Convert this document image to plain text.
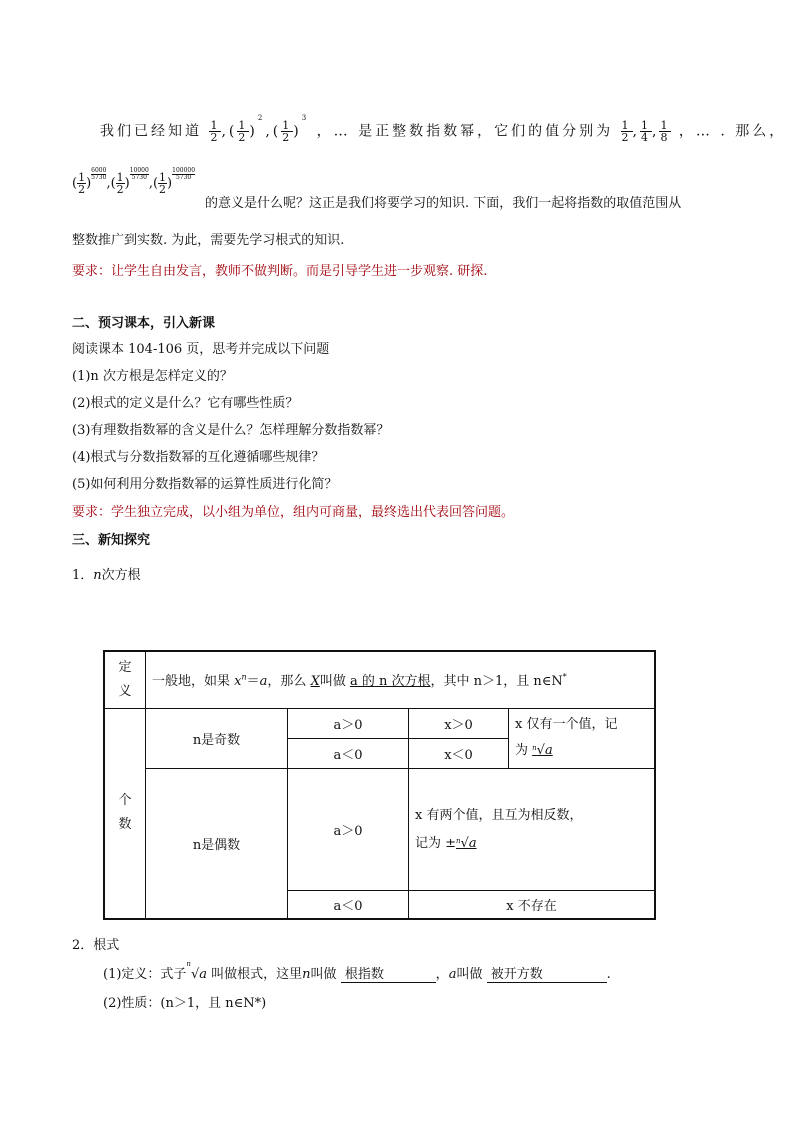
我们已经知道 $\frac{1}{2}$ ,( $\frac{1}{2} )^2,( \frac{1}{2} )^3$ ，… 是正整数指数幂，它们的值分别为 $\frac{1}{2}$ , $\frac{1}{4}$ , $\frac{1}{8}$ ，… . 那么，
( $\frac{1}{2}$ )
$\frac{6000}{5730}$
,( $\frac{1}{2}$ )
$\frac{10000}{5730}$
,( $\frac{1}{2}$ )
$\frac{100000}{5730}$
的意义是什么呢？这正是我们将要学习的知识. 下面，我们一起将指数的取值范围从
整数推广到实数. 为此，需要先学习根式的知识.
要求：让学生自由发言，教师不做判断。而是引导学生进一步观察. 研探.
二、预习课本，引入新课
阅读课本 104-106 页，思考并完成以下问题
(1)n 次方根是怎样定义的？
(2)根式的定义是什么？它有哪些性质？
(3)有理数指数幂的含义是什么？怎样理解分数指数幂？
(4)根式与分数指数幂的互化遵循哪些规律？
(5)如何利用分数指数幂的运算性质进行化简？
要求：学生独立完成，以小组为单位，组内可商量，最终选出代表回答问题。
三、新知探究
1．n次方根
定
义	一般地，如果 $x^n=a$，那么 X叫做 a 的 n 次方根，其中 n＞1，且 n∈N*
个
数	n是奇数	a＞0	x＞0	x 仅有一个值，记
为 $^n$√a
		a＜0	x＜0	
	n是偶数	a＞0	x 有两个值，且互为相反数，
记为 ±$^n$√a	
		a＜0	x 不存在	
2．根式
(1)定义：式子$^n$√a 叫做根式，这里n叫做 根指数	，a叫做 被开方数	.
(2)性质：(n＞1，且 n∈N*)
